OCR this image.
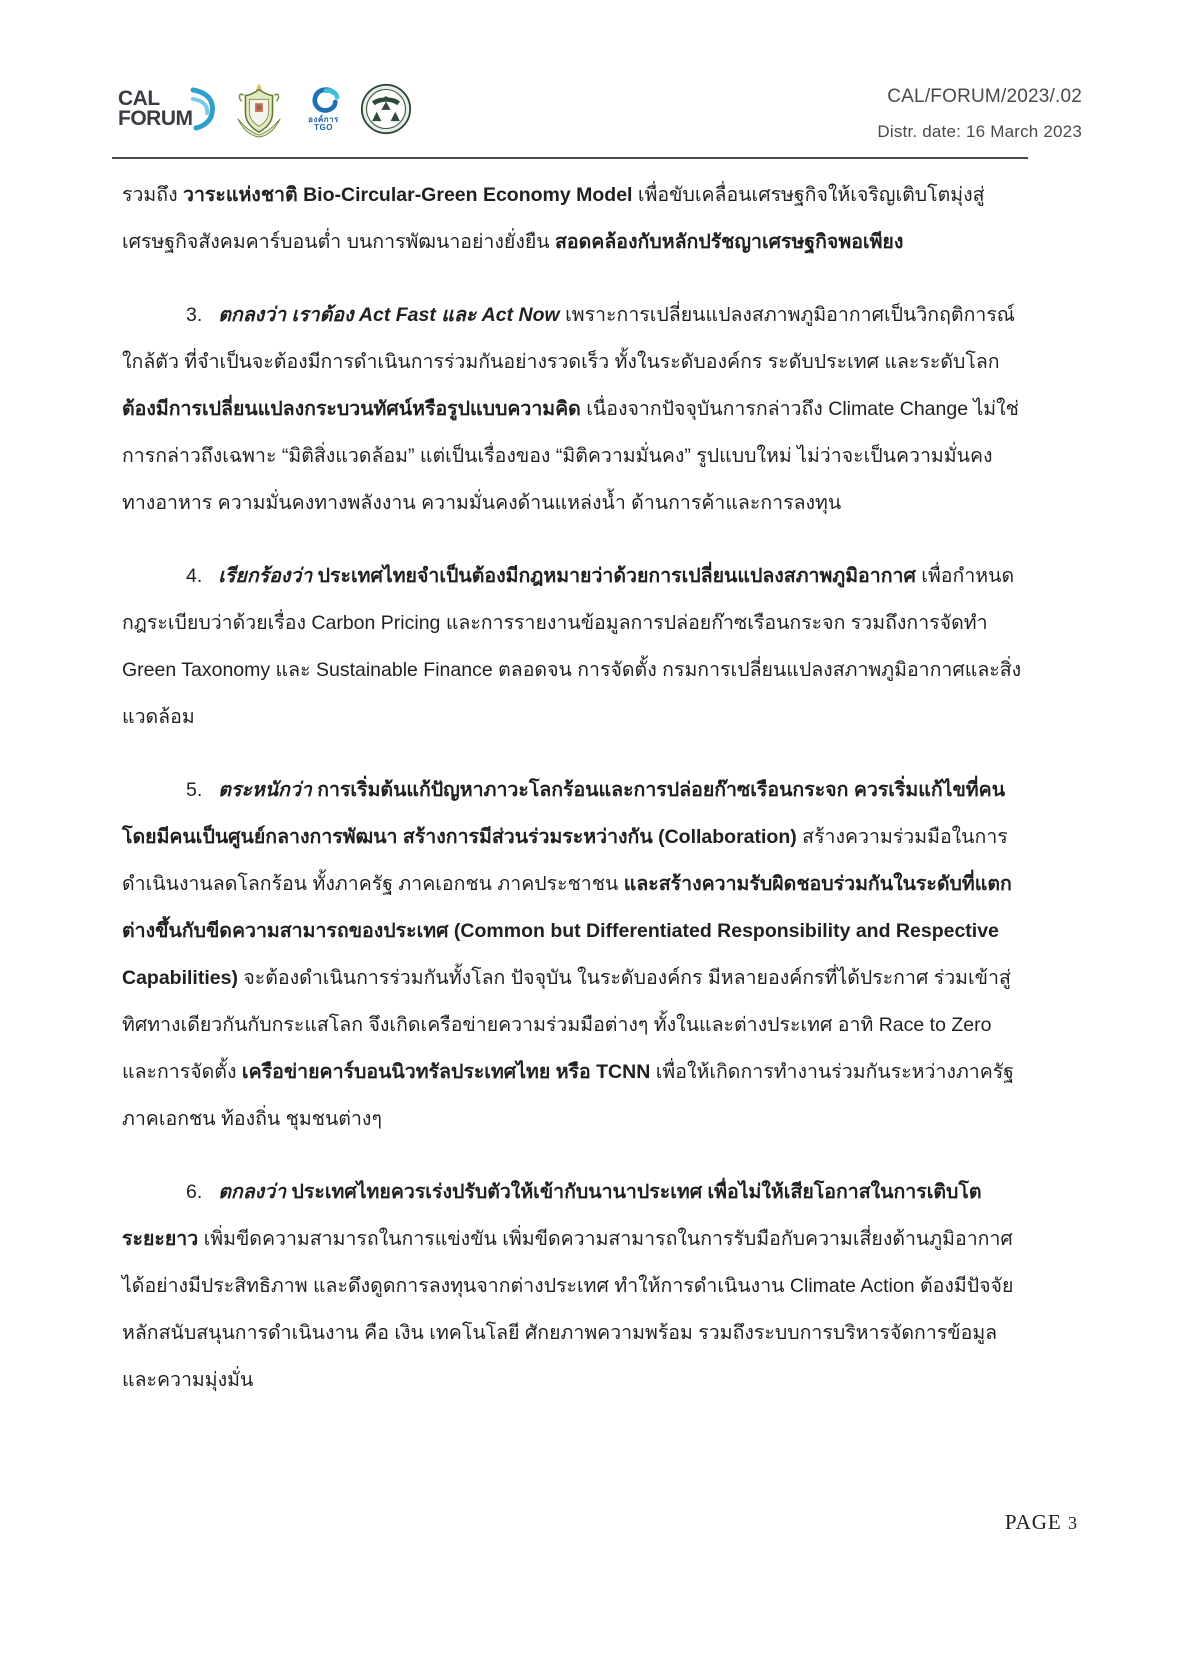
CAL
FORUM	องค์การ
TGO
CAL/FORUM/2023/.02
Distr. date: 16 March 2023

รวมถึง วาระแห่งชาติ Bio-Circular-Green Economy Model เพื่อขับเคลื่อนเศรษฐกิจให้เจริญเติบโตมุ่งสู่เศรษฐกิจสังคมคาร์บอนต่ำ บนการพัฒนาอย่างยั่งยืน สอดคล้องกับหลักปรัชญาเศรษฐกิจพอเพียง

3. ตกลงว่า เราต้อง Act Fast และ Act Now เพราะการเปลี่ยนแปลงสภาพภูมิอากาศเป็นวิกฤติการณ์ใกล้ตัว ที่จำเป็นจะต้องมีการดำเนินการร่วมกันอย่างรวดเร็ว ทั้งในระดับองค์กร ระดับประเทศ และระดับโลก ต้องมีการเปลี่ยนแปลงกระบวนทัศน์หรือรูปแบบความคิด เนื่องจากปัจจุบันการกล่าวถึง Climate Change ไม่ใช่การกล่าวถึงเฉพาะ “มิติสิ่งแวดล้อม” แต่เป็นเรื่องของ “มิติความมั่นคง” รูปแบบใหม่ ไม่ว่าจะเป็นความมั่นคงทางอาหาร ความมั่นคงทางพลังงาน ความมั่นคงด้านแหล่งน้ำ ด้านการค้าและการลงทุน

4. เรียกร้องว่า ประเทศไทยจำเป็นต้องมีกฎหมายว่าด้วยการเปลี่ยนแปลงสภาพภูมิอากาศ เพื่อกำหนดกฎระเบียบว่าด้วยเรื่อง Carbon Pricing และการรายงานข้อมูลการปล่อยก๊าซเรือนกระจก รวมถึงการจัดทำ Green Taxonomy และ Sustainable Finance ตลอดจน การจัดตั้ง กรมการเปลี่ยนแปลงสภาพภูมิอากาศและสิ่งแวดล้อม

5. ตระหนักว่า การเริ่มต้นแก้ปัญหาภาวะโลกร้อนและการปล่อยก๊าซเรือนกระจก ควรเริ่มแก้ไขที่คน โดยมีคนเป็นศูนย์กลางการพัฒนา สร้างการมีส่วนร่วมระหว่างกัน (Collaboration) สร้างความร่วมมือในการดำเนินงานลดโลกร้อน ทั้งภาครัฐ ภาคเอกชน ภาคประชาชน และสร้างความรับผิดชอบร่วมกันในระดับที่แตกต่างขึ้นกับขีดความสามารถของประเทศ (Common but Differentiated Responsibility and Respective Capabilities) จะต้องดำเนินการร่วมกันทั้งโลก ปัจจุบัน ในระดับองค์กร มีหลายองค์กรที่ได้ประกาศ ร่วมเข้าสู่ทิศทางเดียวกันกับกระแสโลก จึงเกิดเครือข่ายความร่วมมือต่างๆ ทั้งในและต่างประเทศ อาทิ Race to Zero และการจัดตั้ง เครือข่ายคาร์บอนนิวทรัลประเทศไทย หรือ TCNN เพื่อให้เกิดการทำงานร่วมกันระหว่างภาครัฐ ภาคเอกชน ท้องถิ่น ชุมชนต่างๆ

6. ตกลงว่า ประเทศไทยควรเร่งปรับตัวให้เข้ากับนานาประเทศ เพื่อไม่ให้เสียโอกาสในการเติบโตระยะยาว เพิ่มขีดความสามารถในการแข่งขัน เพิ่มขีดความสามารถในการรับมือกับความเสี่ยงด้านภูมิอากาศได้อย่างมีประสิทธิภาพ และดึงดูดการลงทุนจากต่างประเทศ ทำให้การดำเนินงาน Climate Action ต้องมีปัจจัยหลักสนับสนุนการดำเนินงาน คือ เงิน เทคโนโลยี ศักยภาพความพร้อม รวมถึงระบบการบริหารจัดการข้อมูล และความมุ่งมั่น

PAGE 3
